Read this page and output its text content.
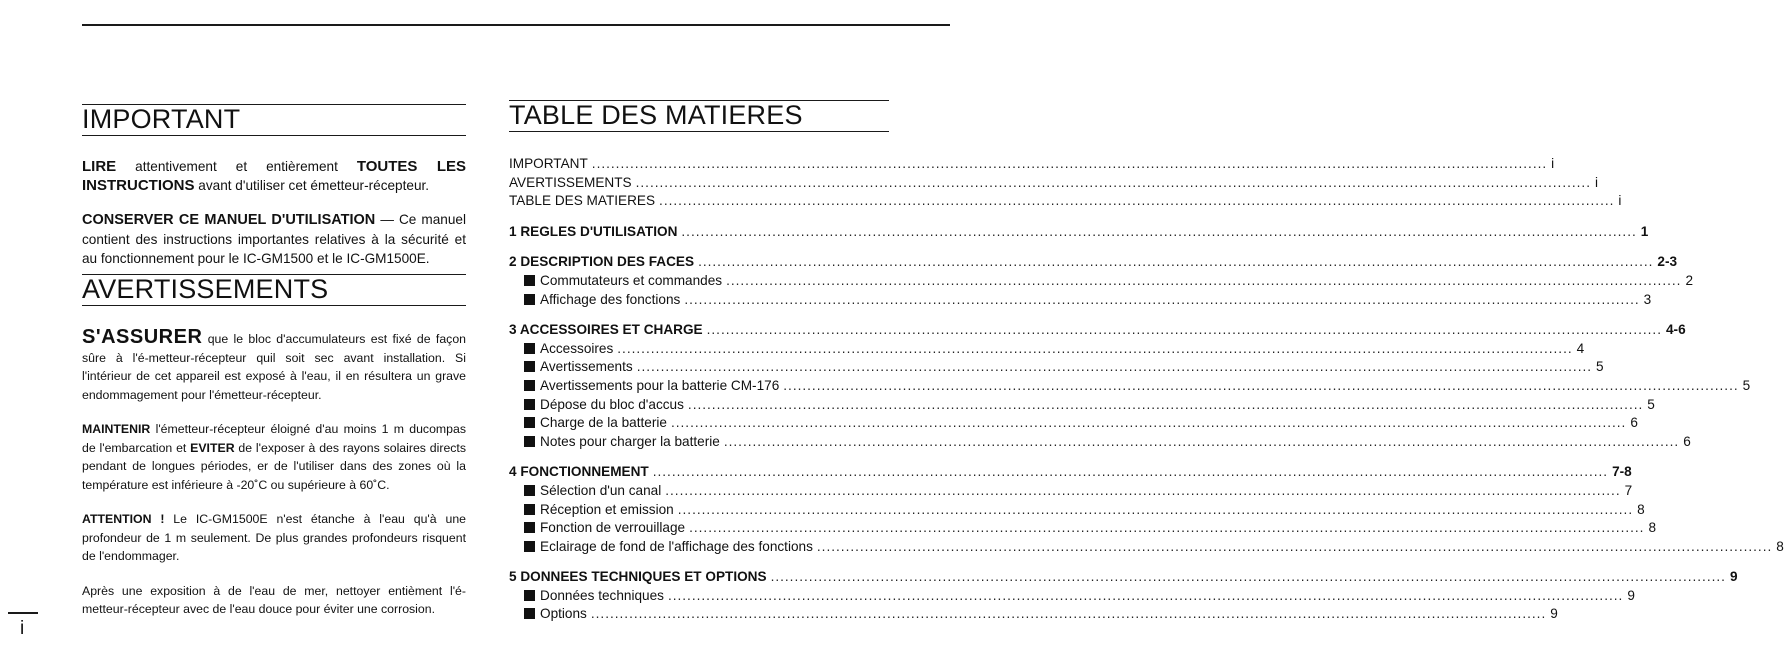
IMPORTANT

LIRE attentivement et entièrement TOUTES LES INSTRUCTIONS avant d'utiliser cet émetteur-récepteur.

CONSERVER CE MANUEL D'UTILISATION — Ce manuel contient des instructions importantes relatives à la sécurité et au fonctionnement pour le IC-GM1500 et le IC-GM1500E.

AVERTISSEMENTS

S'ASSURER que le bloc d'accumulateurs est fixé de façon sûre à l'é-metteur-récepteur quil soit sec avant installation. Si l'intérieur de cet appareil est exposé à l'eau, il en résultera un grave endommagement pour l'émetteur-récepteur.

MAINTENIR l'émetteur-récepteur éloigné d'au moins 1 m ducompas de l'embarcation et EVITER de l'exposer à des rayons solaires directs pendant de longues périodes, er de l'utiliser dans des zones où la température est inférieure à -20˚C ou supérieure à 60˚C.

ATTENTION ! Le IC-GM1500E n'est étanche à l'eau qu'à une profondeur de 1 m seulement. De plus grandes profondeurs risquent de l'endommager.

Après une exposition à de l'eau de mer, nettoyer entièment l'é-metteur-récepteur avec de l'eau douce pour éviter une corrosion.

i
TABLE DES MATIERES
IMPORTANT ........................................................................................................................................................................................................ i
AVERTISSEMENTS ........................................................................................................................................................................................................ i
TABLE DES MATIERES ........................................................................................................................................................................................................ i
1 REGLES D'UTILISATION ........................................................................................................................................................................................................ 1
2 DESCRIPTION DES FACES ........................................................................................................................................................................................................ 2-3
Commutateurs et commandes ........................................................................................................................................................................................................ 2
Affichage des fonctions ........................................................................................................................................................................................................ 3
3 ACCESSOIRES ET CHARGE ........................................................................................................................................................................................................ 4-6
Accessoires ........................................................................................................................................................................................................ 4
Avertissements ........................................................................................................................................................................................................ 5
Avertissements pour la batterie CM-176 ........................................................................................................................................................................................................ 5
Dépose du bloc d'accus ........................................................................................................................................................................................................ 5
Charge de la batterie ........................................................................................................................................................................................................ 6
Notes pour charger la batterie ........................................................................................................................................................................................................ 6
4 FONCTIONNEMENT ........................................................................................................................................................................................................ 7-8
Sélection d'un canal ........................................................................................................................................................................................................ 7
Réception et emission ........................................................................................................................................................................................................ 8
Fonction de verrouillage ........................................................................................................................................................................................................ 8
Eclairage de fond de l'affichage des fonctions ........................................................................................................................................................................................................ 8
5 DONNEES TECHNIQUES ET OPTIONS ........................................................................................................................................................................................................ 9
Données techniques ........................................................................................................................................................................................................ 9
Options ........................................................................................................................................................................................................ 9
